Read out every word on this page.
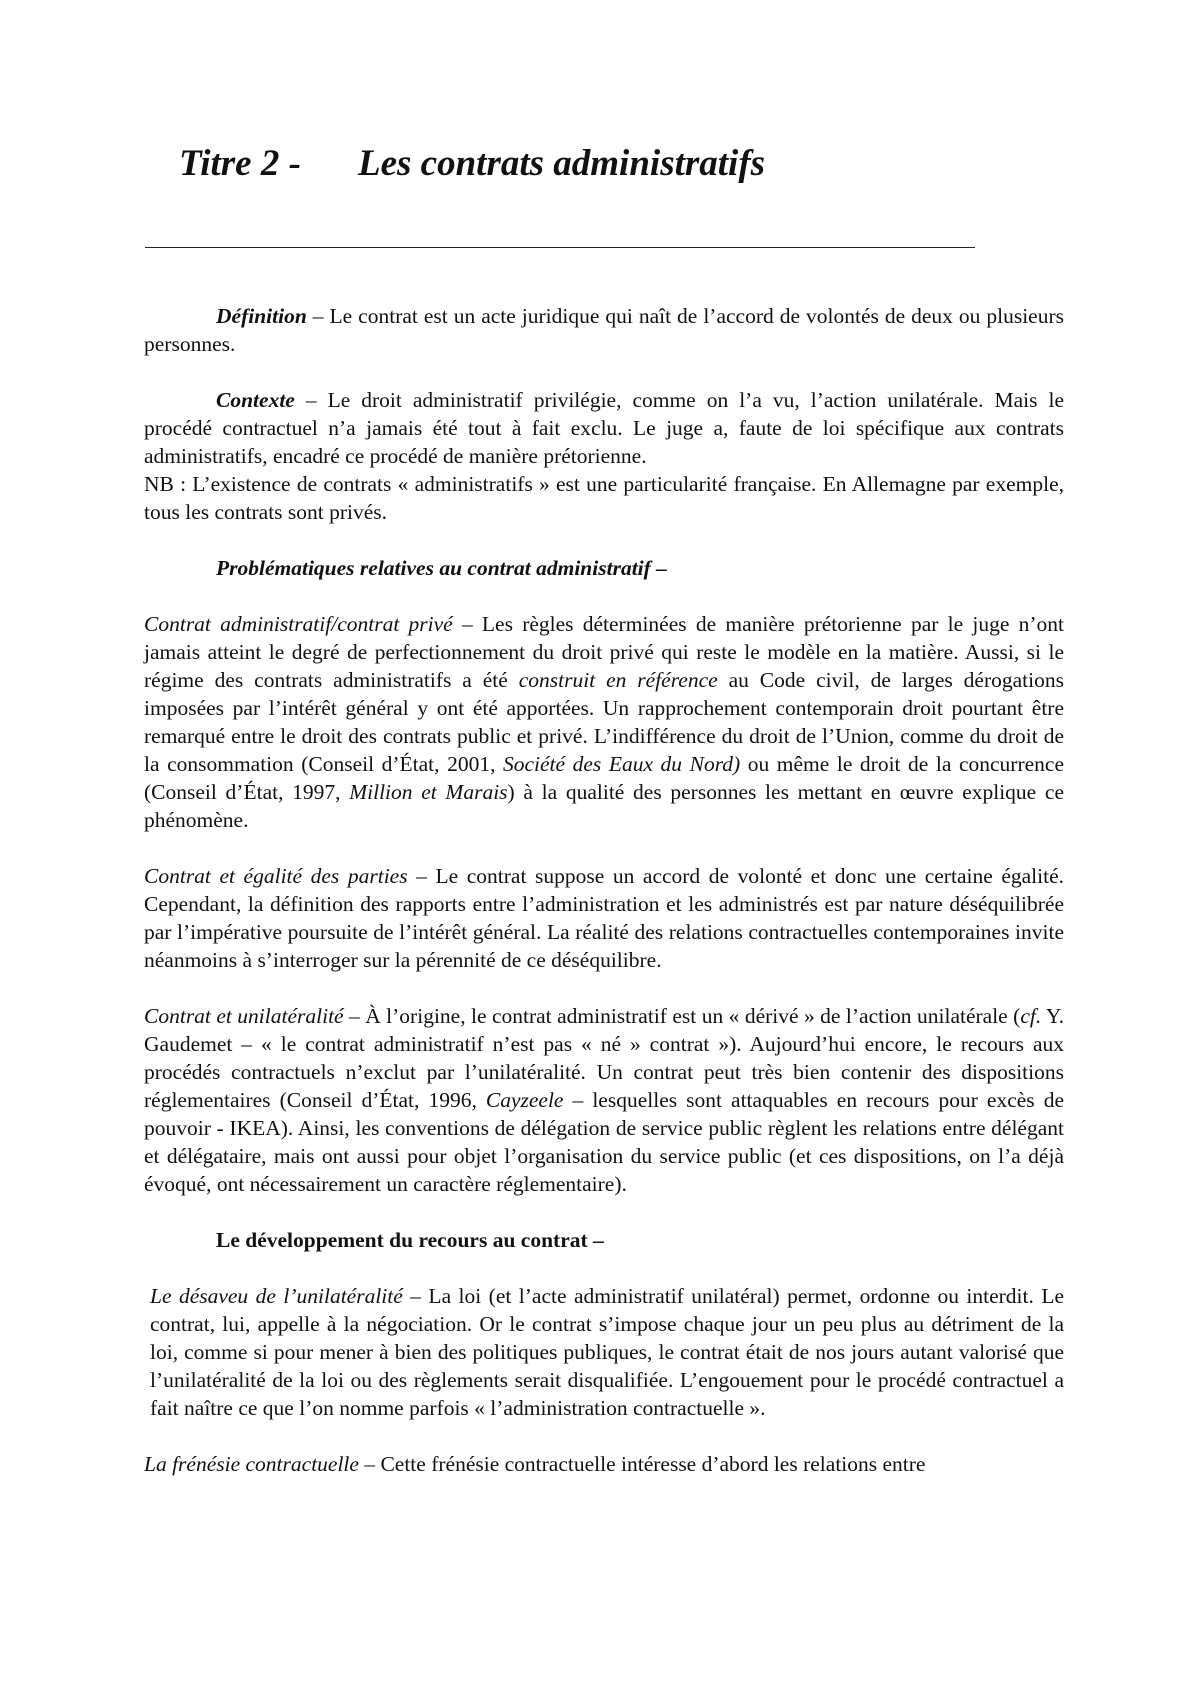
Titre 2 - Les contrats administratifs

Définition – Le contrat est un acte juridique qui naît de l’accord de volontés de deux ou plusieurs personnes.

Contexte – Le droit administratif privilégie, comme on l’a vu, l’action unilatérale. Mais le procédé contractuel n’a jamais été tout à fait exclu. Le juge a, faute de loi spécifique aux contrats administratifs, encadré ce procédé de manière prétorienne.

NB : L’existence de contrats « administratifs » est une particularité française. En Allemagne par exemple, tous les contrats sont privés.

Problématiques relatives au contrat administratif –

Contrat administratif/contrat privé – Les règles déterminées de manière prétorienne par le juge n’ont jamais atteint le degré de perfectionnement du droit privé qui reste le modèle en la matière. Aussi, si le régime des contrats administratifs a été construit en référence au Code civil, de larges dérogations imposées par l’intérêt général y ont été apportées. Un rapprochement contemporain droit pourtant être remarqué entre le droit des contrats public et privé. L’indifférence du droit de l’Union, comme du droit de la consommation (Conseil d’État, 2001, Société des Eaux du Nord) ou même le droit de la concurrence (Conseil d’État, 1997, Million et Marais) à la qualité des personnes les mettant en œuvre explique ce phénomène.

Contrat et égalité des parties – Le contrat suppose un accord de volonté et donc une certaine égalité. Cependant, la définition des rapports entre l’administration et les administrés est par nature déséquilibrée par l’impérative poursuite de l’intérêt général. La réalité des relations contractuelles contemporaines invite néanmoins à s’interroger sur la pérennité de ce déséquilibre.

Contrat et unilatéralité – À l’origine, le contrat administratif est un « dérivé » de l’action unilatérale (cf. Y. Gaudemet – « le contrat administratif n’est pas « né » contrat »). Aujourd’hui encore, le recours aux procédés contractuels n’exclut par l’unilatéralité. Un contrat peut très bien contenir des dispositions réglementaires (Conseil d’État, 1996, Cayzeele – lesquelles sont attaquables en recours pour excès de pouvoir - IKEA). Ainsi, les conventions de délégation de service public règlent les relations entre délégant et délégataire, mais ont aussi pour objet l’organisation du service public (et ces dispositions, on l’a déjà évoqué, ont nécessairement un caractère réglementaire).

Le développement du recours au contrat –

Le désaveu de l’unilatéralité – La loi (et l’acte administratif unilatéral) permet, ordonne ou interdit. Le contrat, lui, appelle à la négociation. Or le contrat s’impose chaque jour un peu plus au détriment de la loi, comme si pour mener à bien des politiques publiques, le contrat était de nos jours autant valorisé que l’unilatéralité de la loi ou des règlements serait disqualifiée. L’engouement pour le procédé contractuel a fait naître ce que l’on nomme parfois « l’administration contractuelle ».

La frénésie contractuelle – Cette frénésie contractuelle intéresse d’abord les relations entre
